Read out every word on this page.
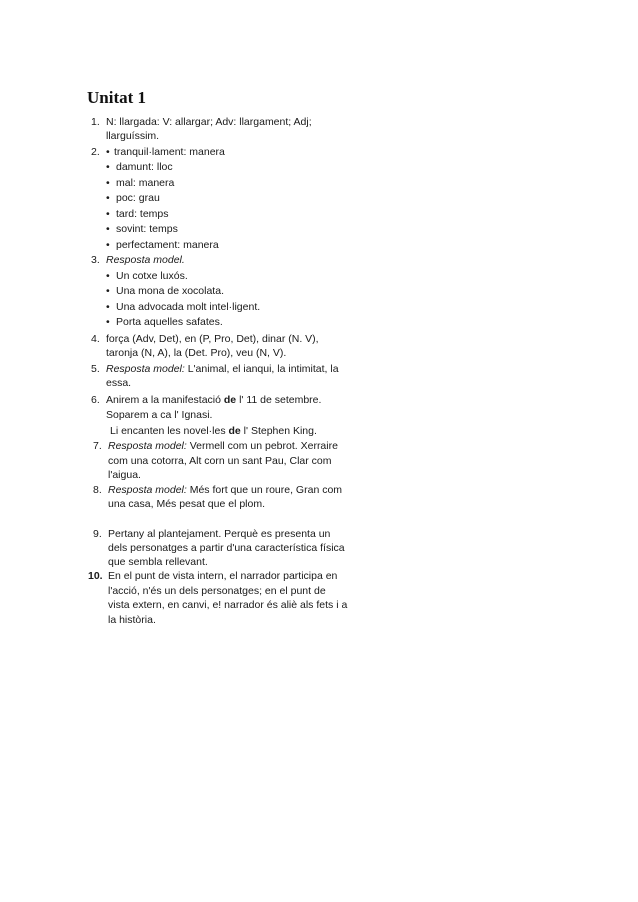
Unitat 1
1. N: llargada: V: allargar; Adv: llargament; Adj;
llarguíssim.
2. • tranquil·lament: manera
• damunt: lloc
• mal: manera
• poc: grau
• tard: temps
• sovint: temps
• perfectament: manera
3. Resposta model.
• Un cotxe luxós.
• Una mona de xocolata.
• Una advocada molt intel·ligent.
• Porta aquelles safates.
4. força (Adv, Det), en (P, Pro, Det), dinar (N. V),
taronja (N, A), la (Det. Pro), veu (N, V).
5. Resposta model: L'animal, el ianqui, la intimitat, la
essa.
6. Anirem a la manifestació de l' 11 de setembre.
Soparem a ca l' Ignasi.
Li encanten les novel·les de l' Stephen King.
7. Resposta model: Vermell com un pebrot. Xerraire
com una cotorra, Alt corn un sant Pau, Clar com
l'aigua.
8. Resposta model: Més fort que un roure, Gran com
una casa, Més pesat que el plom.
9. Pertany al plantejament. Perquè es presenta un
dels personatges a partir d'una característica física
que sembla rellevant.
10. En el punt de vista intern, el narrador participa en
l'acció, n'és un dels personatges; en el punt de
vista extern, en canvi, e! narrador és aliè als fets i a
la història.
